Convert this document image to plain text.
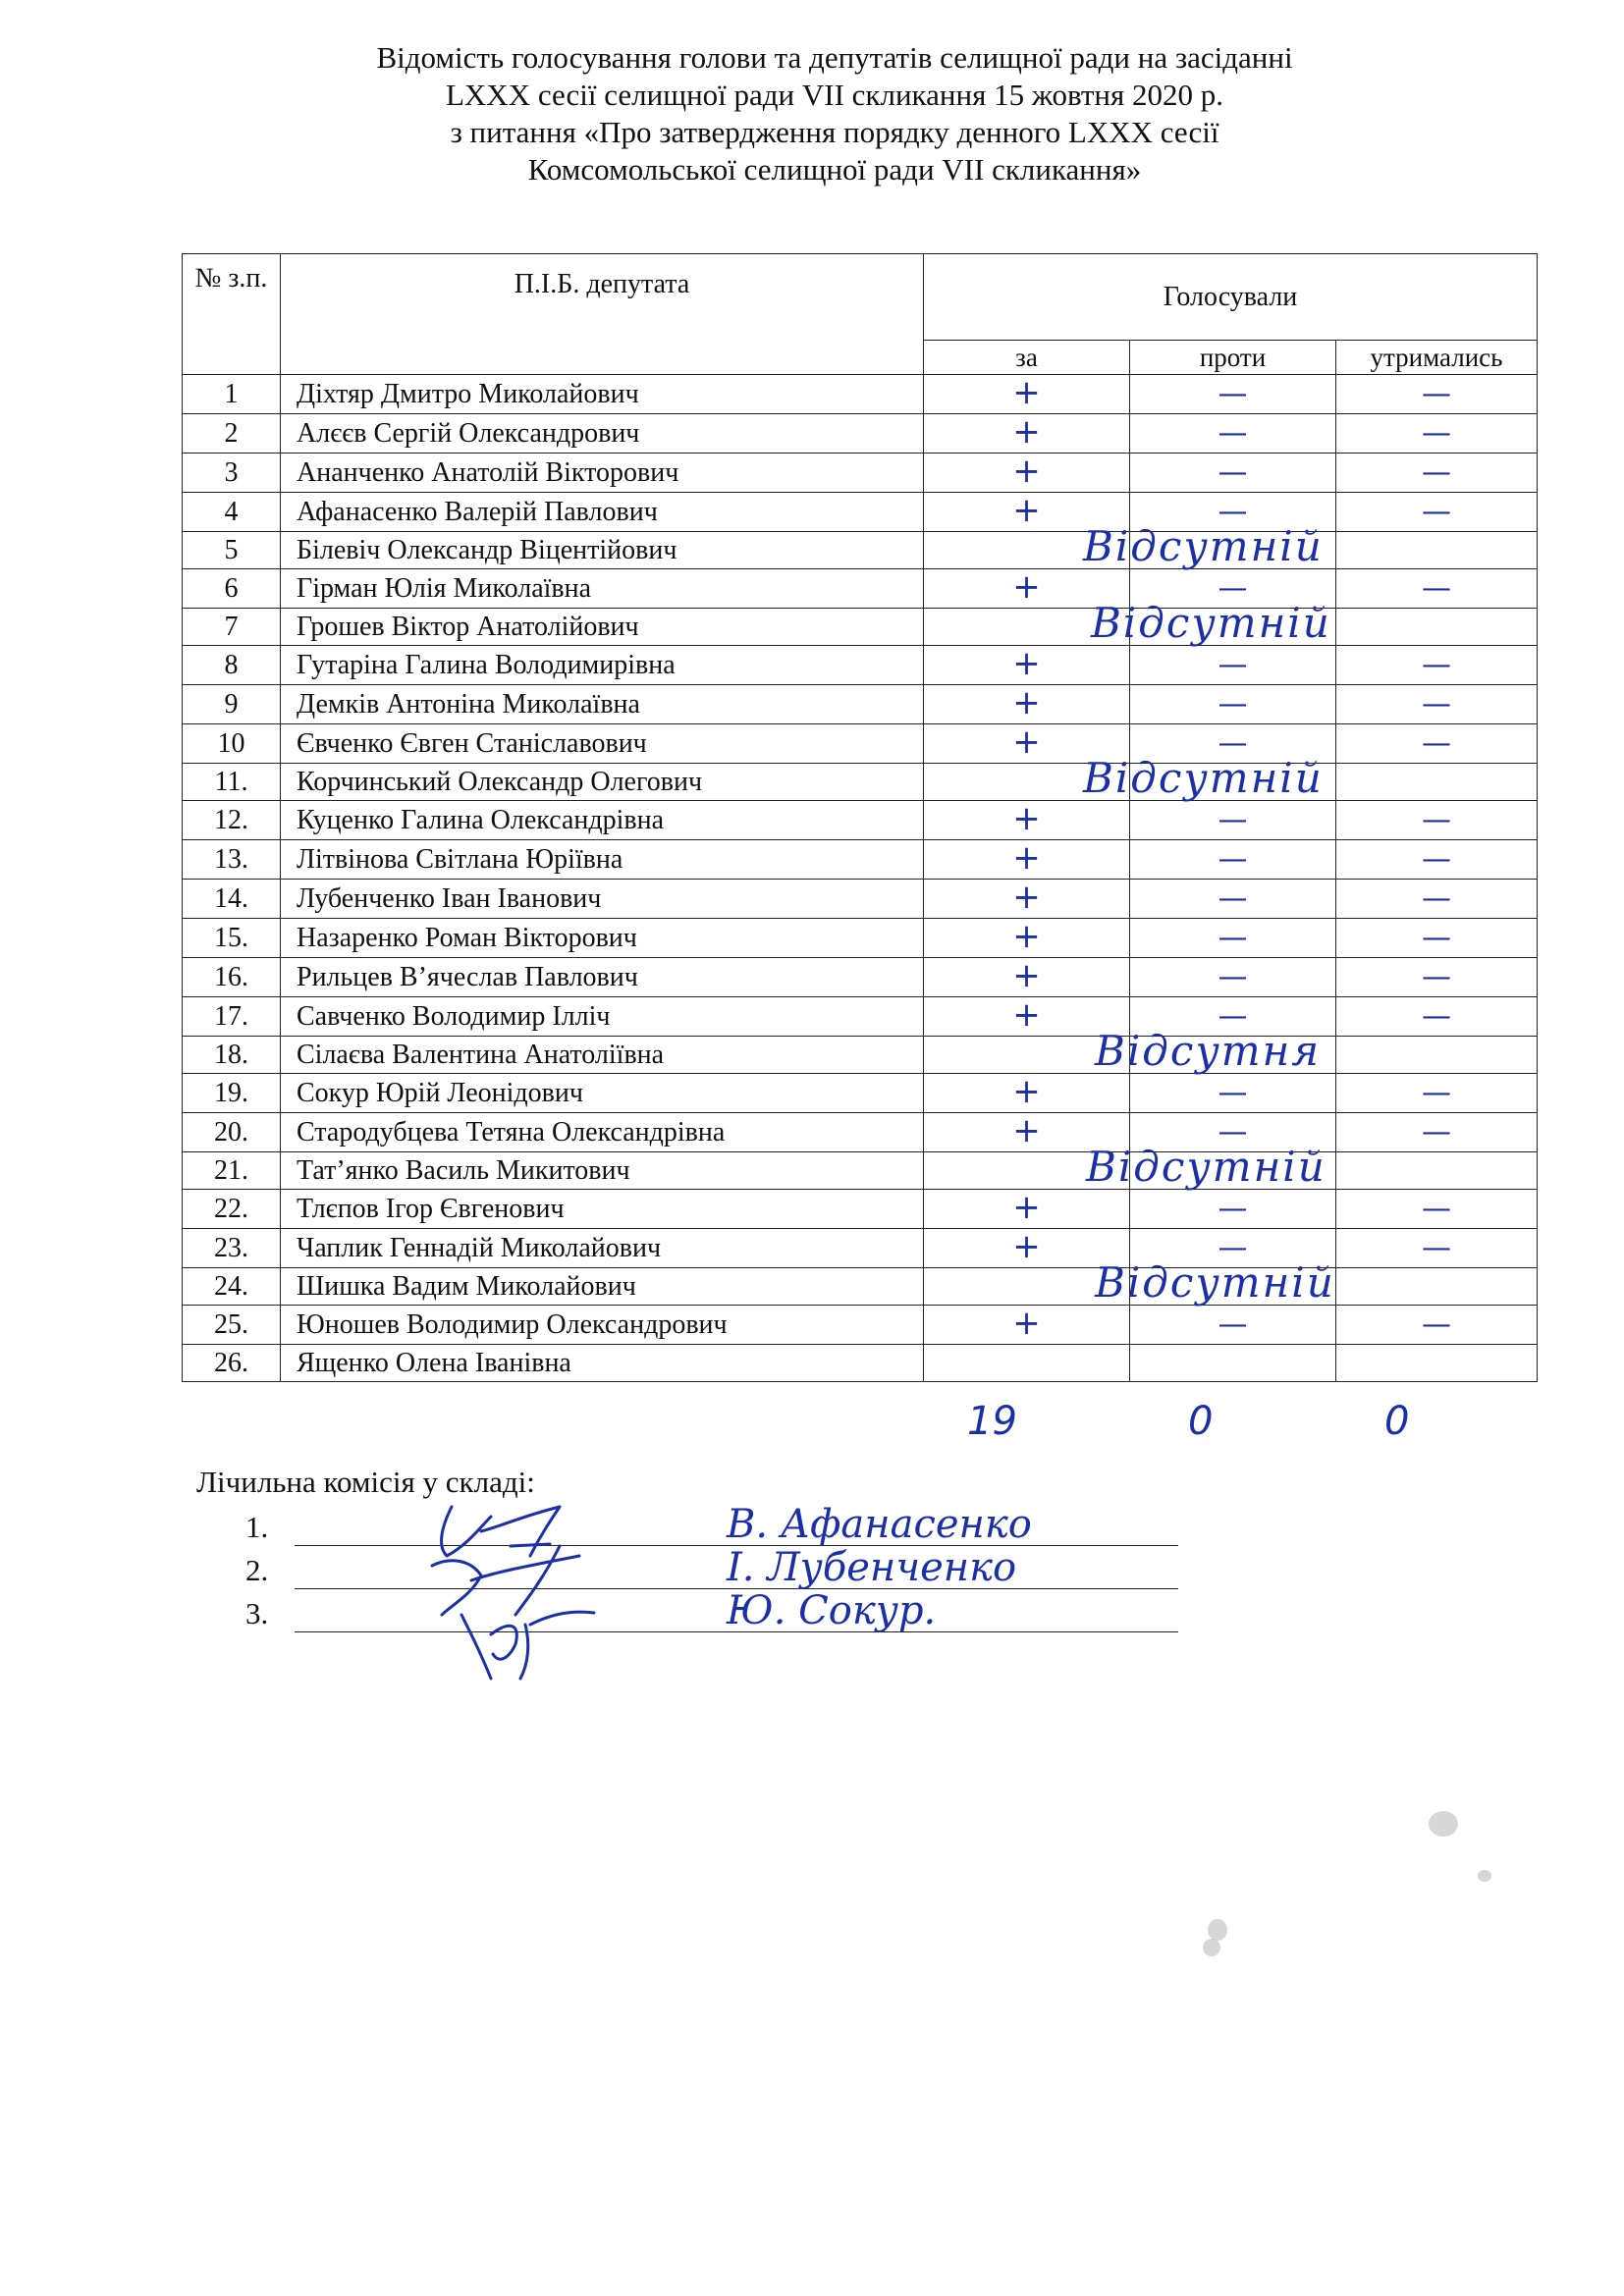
Відомість голосування голови та депутатів селищної ради на засіданні
LXXX сесії селищної ради VII скликання 15 жовтня 2020 р.
з питання «Про затвердження порядку денного LXXX сесії
Комсомольської селищної ради VII скликання»
№ з.п.	П.І.Б. депутата	Голосували		
		за	проти	утримались
1	Діхтяр Дмитро Миколайович	+	—	—
2	Алєєв Сергій Олександрович	+	—	—
3	Ананченко Анатолій Вікторович	+	—	—
4	Афанасенко Валерій Павлович	+	—	—
5	Білевіч Олександр Віцентійович		Відсутній	

6	Гірман Юлія Миколаївна	+	—	—
7	Грошев Віктор Анатолійович		Відсутній	

8	Гутаріна Галина Володимирівна	+	—	—
9	Демків Антоніна Миколаївна	+	—	—
10	Євченко Євген Станіславович	+	—	—
11.	Корчинський Олександр Олегович		Відсутній	

12.	Куценко Галина Олександрівна	+	—	—
13.	Літвінова Світлана Юріївна	+	—	—
14.	Лубенченко Іван Іванович	+	—	—
15.	Назаренко Роман Вікторович	+	—	—
16.	Рильцев В’ячеслав Павлович	+	—	—
17.	Савченко Володимир Ілліч	+	—	—
18.	Сілаєва Валентина Анатоліївна		Відсутня	

19.	Сокур Юрій Леонідович	+	—	—
20.	Стародубцева Тетяна Олександрівна	+	—	—
21.	Тат’янко Василь Микитович		Відсутній	

22.	Тлєпов Ігор Євгенович	+	—	—
23.	Чаплик Геннадій Миколайович	+	—	—
24.	Шишка Вадим Миколайович		Відсутній	

25.	Юношев Володимир Олександрович	+	—	—
26.	Ященко Олена Іванівна			
19	0	0
Лічильна комісія у складі:
1.	В. Афанасенко
2.	І. Лубенченко
3.	Ю. Сокур.
